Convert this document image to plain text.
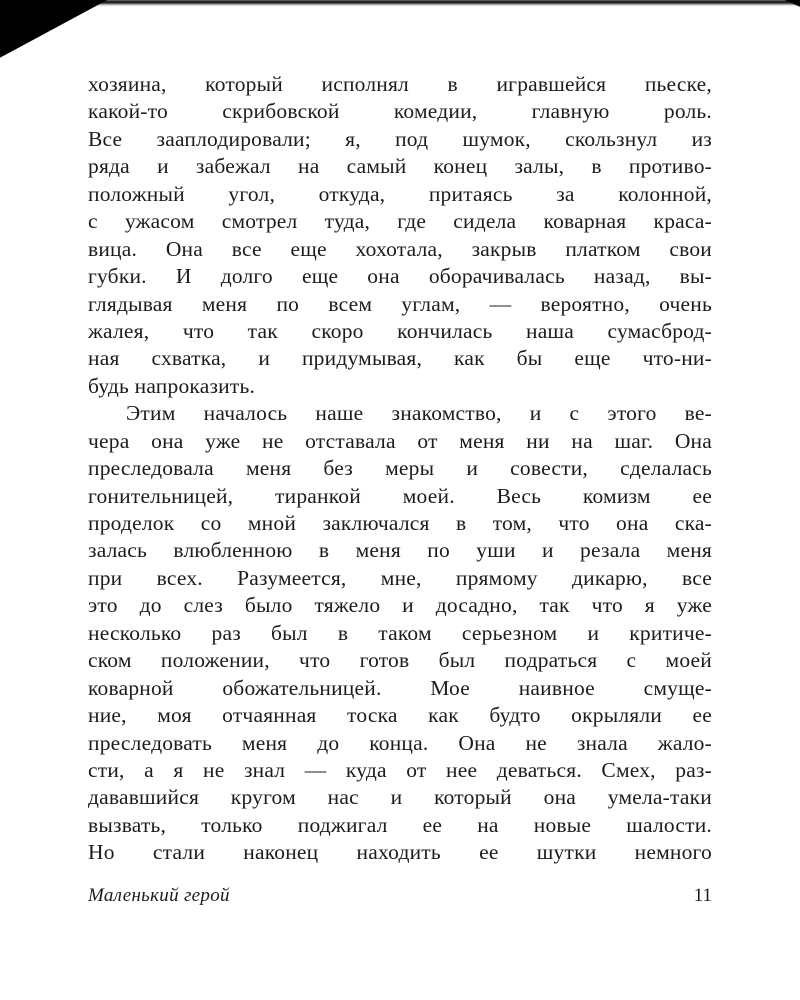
хозяина, который исполнял в игравшейся пьеске,
какой-то скрибовской комедии, главную роль.
Все зааплодировали; я, под шумок, скользнул из
ряда и забежал на самый конец залы, в противо-
положный угол, откуда, притаясь за колонной,
с ужасом смотрел туда, где сидела коварная краса-
вица. Она все еще хохотала, закрыв платком свои
губки. И долго еще она оборачивалась назад, вы-
глядывая меня по всем углам, — вероятно, очень
жалея, что так скоро кончилась наша сумасброд-
ная схватка, и придумывая, как бы еще что-ни-
будь напроказить.
Этим началось наше знакомство, и с этого ве-
чера она уже не отставала от меня ни на шаг. Она
преследовала меня без меры и совести, сделалась
гонительницей, тиранкой моей. Весь комизм ее
проделок со мной заключался в том, что она ска-
залась влюбленною в меня по уши и резала меня
при всех. Разумеется, мне, прямому дикарю, все
это до слез было тяжело и досадно, так что я уже
несколько раз был в таком серьезном и критиче-
ском положении, что готов был подраться с моей
коварной обожательницей. Мое наивное смуще-
ние, моя отчаянная тоска как будто окрыляли ее
преследовать меня до конца. Она не знала жало-
сти, а я не знал — куда от нее деваться. Смех, раз-
дававшийся кругом нас и который она умела-таки
вызвать, только поджигал ее на новые шалости.
Но стали наконец находить ее шутки немного
Маленький герой	11
